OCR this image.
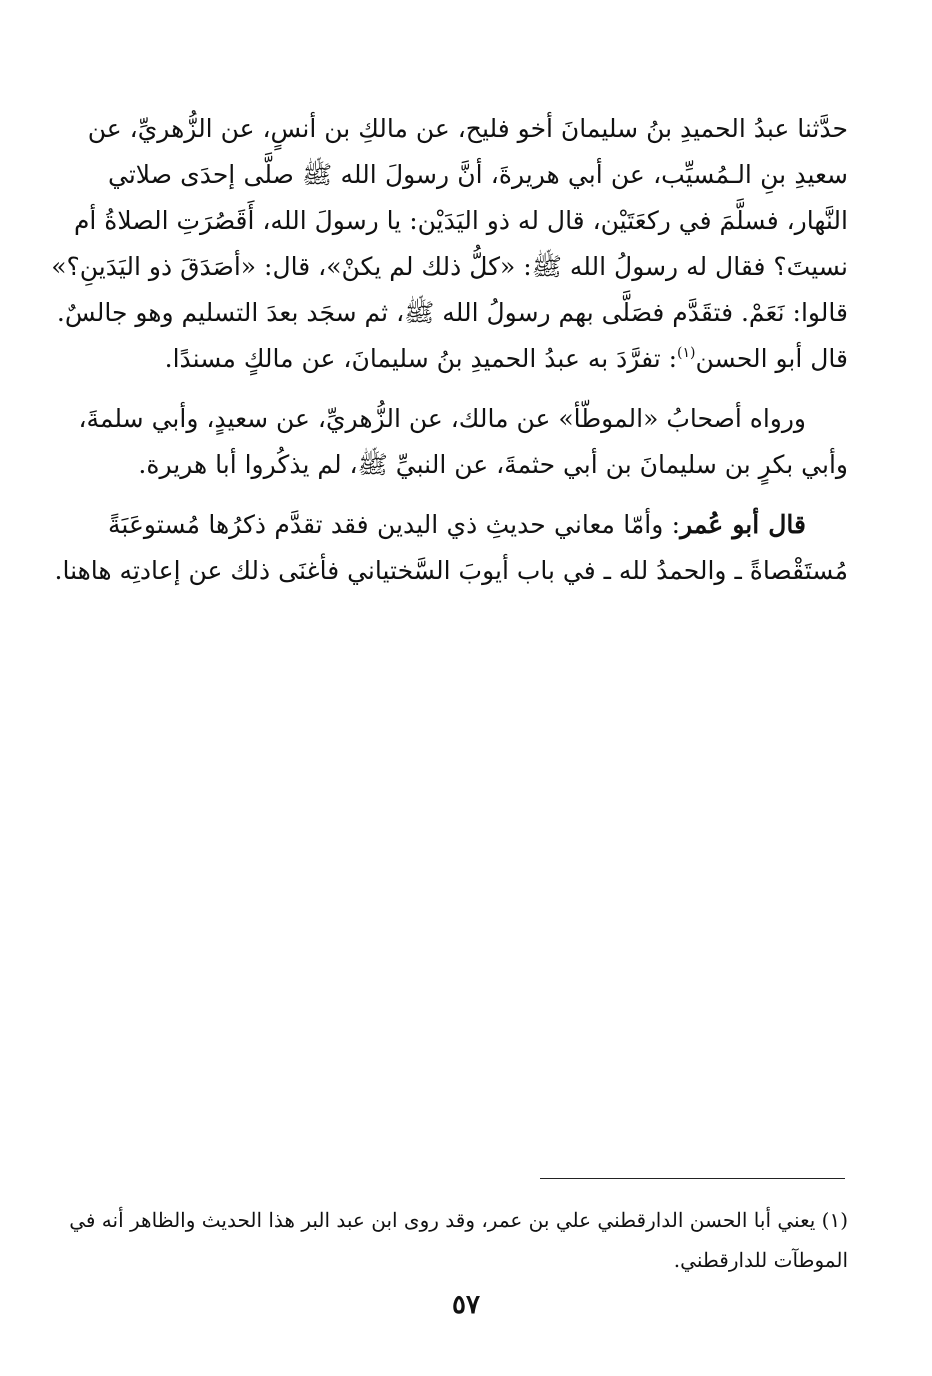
حدَّثنا عبدُ الحميدِ بنُ سليمانَ أخو فليح، عن مالكِ بن أنسٍ، عن الزُّهريِّ، عن
سعيدِ بنِ الـمُسيِّب، عن أبي هريرةَ، أنَّ رسولَ الله ﷺ صلَّى إحدَى صلاتي
النَّهار، فسلَّمَ في ركعَتَيْن، قال له ذو اليَدَيْن: يا رسولَ الله، أَقَصُرَتِ الصلاةُ أم
نسيتَ؟ فقال له رسولُ الله ﷺ: «كلُّ ذلك لم يكنْ»، قال: «أصَدَقَ ذو اليَدَينِ؟»
قالوا: نَعَمْ. فتقَدَّم فصَلَّى بهم رسولُ الله ﷺ، ثم سجَد بعدَ التسليم وهو جالسٌ.
قال أبو الحسن$^{(١)}$: تفرَّدَ به عبدُ الحميدِ بنُ سليمانَ، عن مالكٍ مسندًا.

ورواه أصحابُ «الموطّأ» عن مالك، عن الزُّهريِّ، عن سعيدٍ، وأبي سلمةَ،
وأبي بكرٍ بن سليمانَ بن أبي حثمةَ، عن النبيِّ ﷺ، لم يذكُروا أبا هريرة.

قال أبو عُمر: وأمّا معاني حديثِ ذي اليدين فقد تقدَّم ذكرُها مُستوعَبَةً
مُستَقْصاةً ـ والحمدُ لله ـ في باب أيوبَ السَّختياني فأغنَى ذلك عن إعادتِه هاهنا.

(١) يعني أبا الحسن الدارقطني علي بن عمر، وقد روى ابن عبد البر هذا الحديث والظاهر أنه في
الموطآت للدارقطني.
٥٧
